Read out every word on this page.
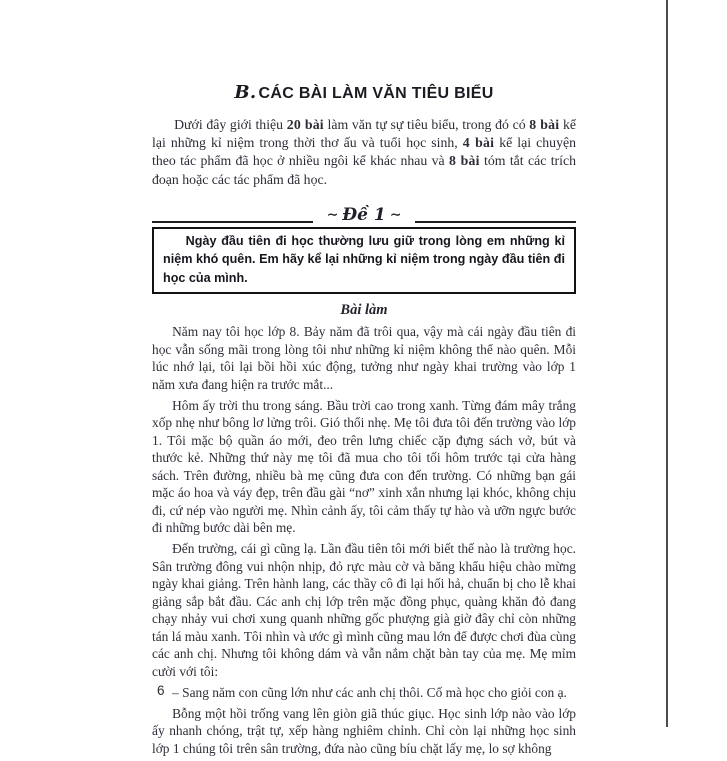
B. CÁC BÀI LÀM VĂN TIÊU BIỂU

Dưới đây giới thiệu 20 bài làm văn tự sự tiêu biểu, trong đó có 8 bài kể lại những kỉ niệm trong thời thơ ấu và tuổi học sinh, 4 bài kể lại chuyện theo tác phẩm đã học ở nhiều ngôi kể khác nhau và 8 bài tóm tắt các trích đoạn hoặc các tác phẩm đã học.

∼ Đề 1 ∼
Ngày đầu tiên đi học thường lưu giữ trong lòng em những kỉ niệm khó quên. Em hãy kể lại những kỉ niệm trong ngày đầu tiên đi học của mình.
Bài làm

Năm nay tôi học lớp 8. Bảy năm đã trôi qua, vậy mà cái ngày đầu tiên đi học vẫn sống mãi trong lòng tôi như những kỉ niệm không thể nào quên. Mỗi lúc nhớ lại, tôi lại bồi hồi xúc động, tưởng như ngày khai trường vào lớp 1 năm xưa đang hiện ra trước mắt...

Hôm ấy trời thu trong sáng. Bầu trời cao trong xanh. Từng đám mây trắng xốp nhẹ như bông lơ lửng trôi. Gió thổi nhẹ. Mẹ tôi đưa tôi đến trường vào lớp 1. Tôi mặc bộ quần áo mới, đeo trên lưng chiếc cặp đựng sách vở, bút và thước kẻ. Những thứ này mẹ tôi đã mua cho tôi tối hôm trước tại cửa hàng sách. Trên đường, nhiều bà mẹ cũng đưa con đến trường. Có những bạn gái mặc áo hoa và váy đẹp, trên đầu gài “nơ” xinh xắn nhưng lại khóc, không chịu đi, cứ nép vào người mẹ. Nhìn cảnh ấy, tôi cảm thấy tự hào và ưỡn ngực bước đi những bước dài bên mẹ.

Đến trường, cái gì cũng lạ. Lần đầu tiên tôi mới biết thế nào là trường học. Sân trường đông vui nhộn nhịp, đỏ rực màu cờ và băng khẩu hiệu chào mừng ngày khai giảng. Trên hành lang, các thầy cô đi lại hối hả, chuẩn bị cho lễ khai giảng sắp bắt đầu. Các anh chị lớp trên mặc đồng phục, quàng khăn đỏ đang chạy nhảy vui chơi xung quanh những gốc phượng già giờ đây chỉ còn những tán lá màu xanh. Tôi nhìn và ước gì mình cũng mau lớn để được chơi đùa cùng các anh chị. Nhưng tôi không dám và vẫn nắm chặt bàn tay của mẹ. Mẹ mỉm cười với tôi:

– Sang năm con cũng lớn như các anh chị thôi. Cố mà học cho giỏi con ạ.

Bỗng một hồi trống vang lên giòn giã thúc giục. Học sinh lớp nào vào lớp ấy nhanh chóng, trật tự, xếp hàng nghiêm chỉnh. Chỉ còn lại những học sinh lớp 1 chúng tôi trên sân trường, đứa nào cũng bíu chặt lấy mẹ, lo sợ không

6
